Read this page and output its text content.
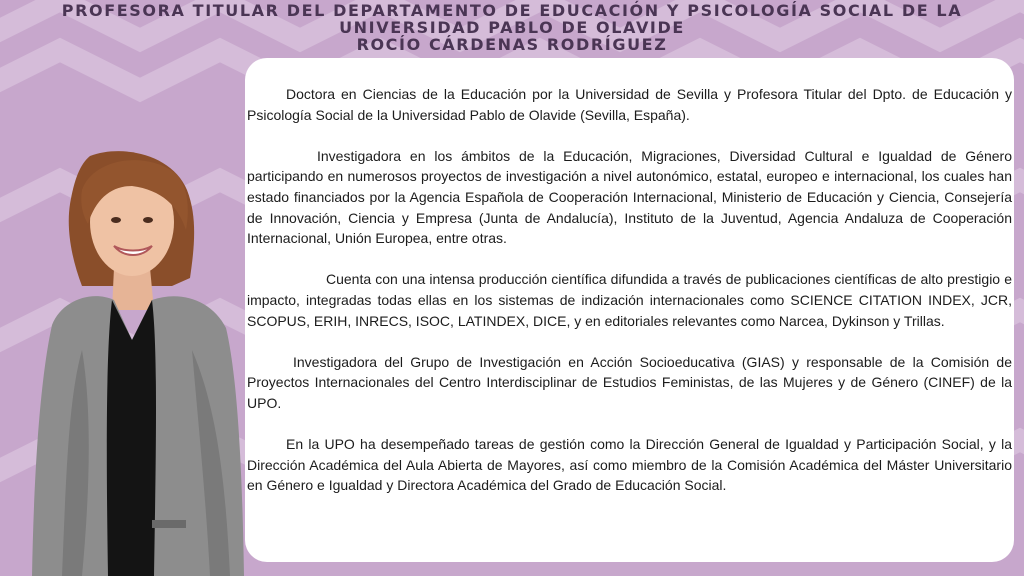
PROFESORA TITULAR DEL DEPARTAMENTO DE EDUCACIÓN Y PSICOLOGÍA SOCIAL DE LA
UNIVERSIDAD PABLO DE OLAVIDE
ROCÍO CÁRDENAS RODRÍGUEZ

Doctora en Ciencias de la Educación por la Universidad de Sevilla y Profesora Titular del Dpto. de Educación y Psicología Social de la Universidad Pablo de Olavide (Sevilla, España).

Investigadora en los ámbitos de la Educación, Migraciones, Diversidad Cultural e Igualdad de Género participando en numerosos proyectos de investigación a nivel autonómico, estatal, europeo e internacional, los cuales han estado financiados por la Agencia Española de Cooperación Internacional, Ministerio de Educación y Ciencia, Consejería de Innovación, Ciencia y Empresa (Junta de Andalucía), Instituto de la Juventud, Agencia Andaluza de Cooperación Internacional, Unión Europea, entre otras.

Cuenta con una intensa producción científica difundida a través de publicaciones científicas de alto prestigio e impacto, integradas todas ellas en los sistemas de indización internacionales como SCIENCE CITATION INDEX, JCR, SCOPUS, ERIH, INRECS, ISOC, LATINDEX, DICE, y en editoriales relevantes como Narcea, Dykinson y Trillas.

Investigadora del Grupo de Investigación en Acción Socioeducativa (GIAS) y responsable de la Comisión de Proyectos Internacionales del Centro Interdisciplinar de Estudios Feministas, de las Mujeres y de Género (CINEF) de la UPO.

En la UPO ha desempeñado tareas de gestión como la Dirección General de Igualdad y Participación Social, y la Dirección Académica del Aula Abierta de Mayores, así como miembro de la Comisión Académica del Máster Universitario en Género e Igualdad y Directora Académica del Grado de Educación Social.
